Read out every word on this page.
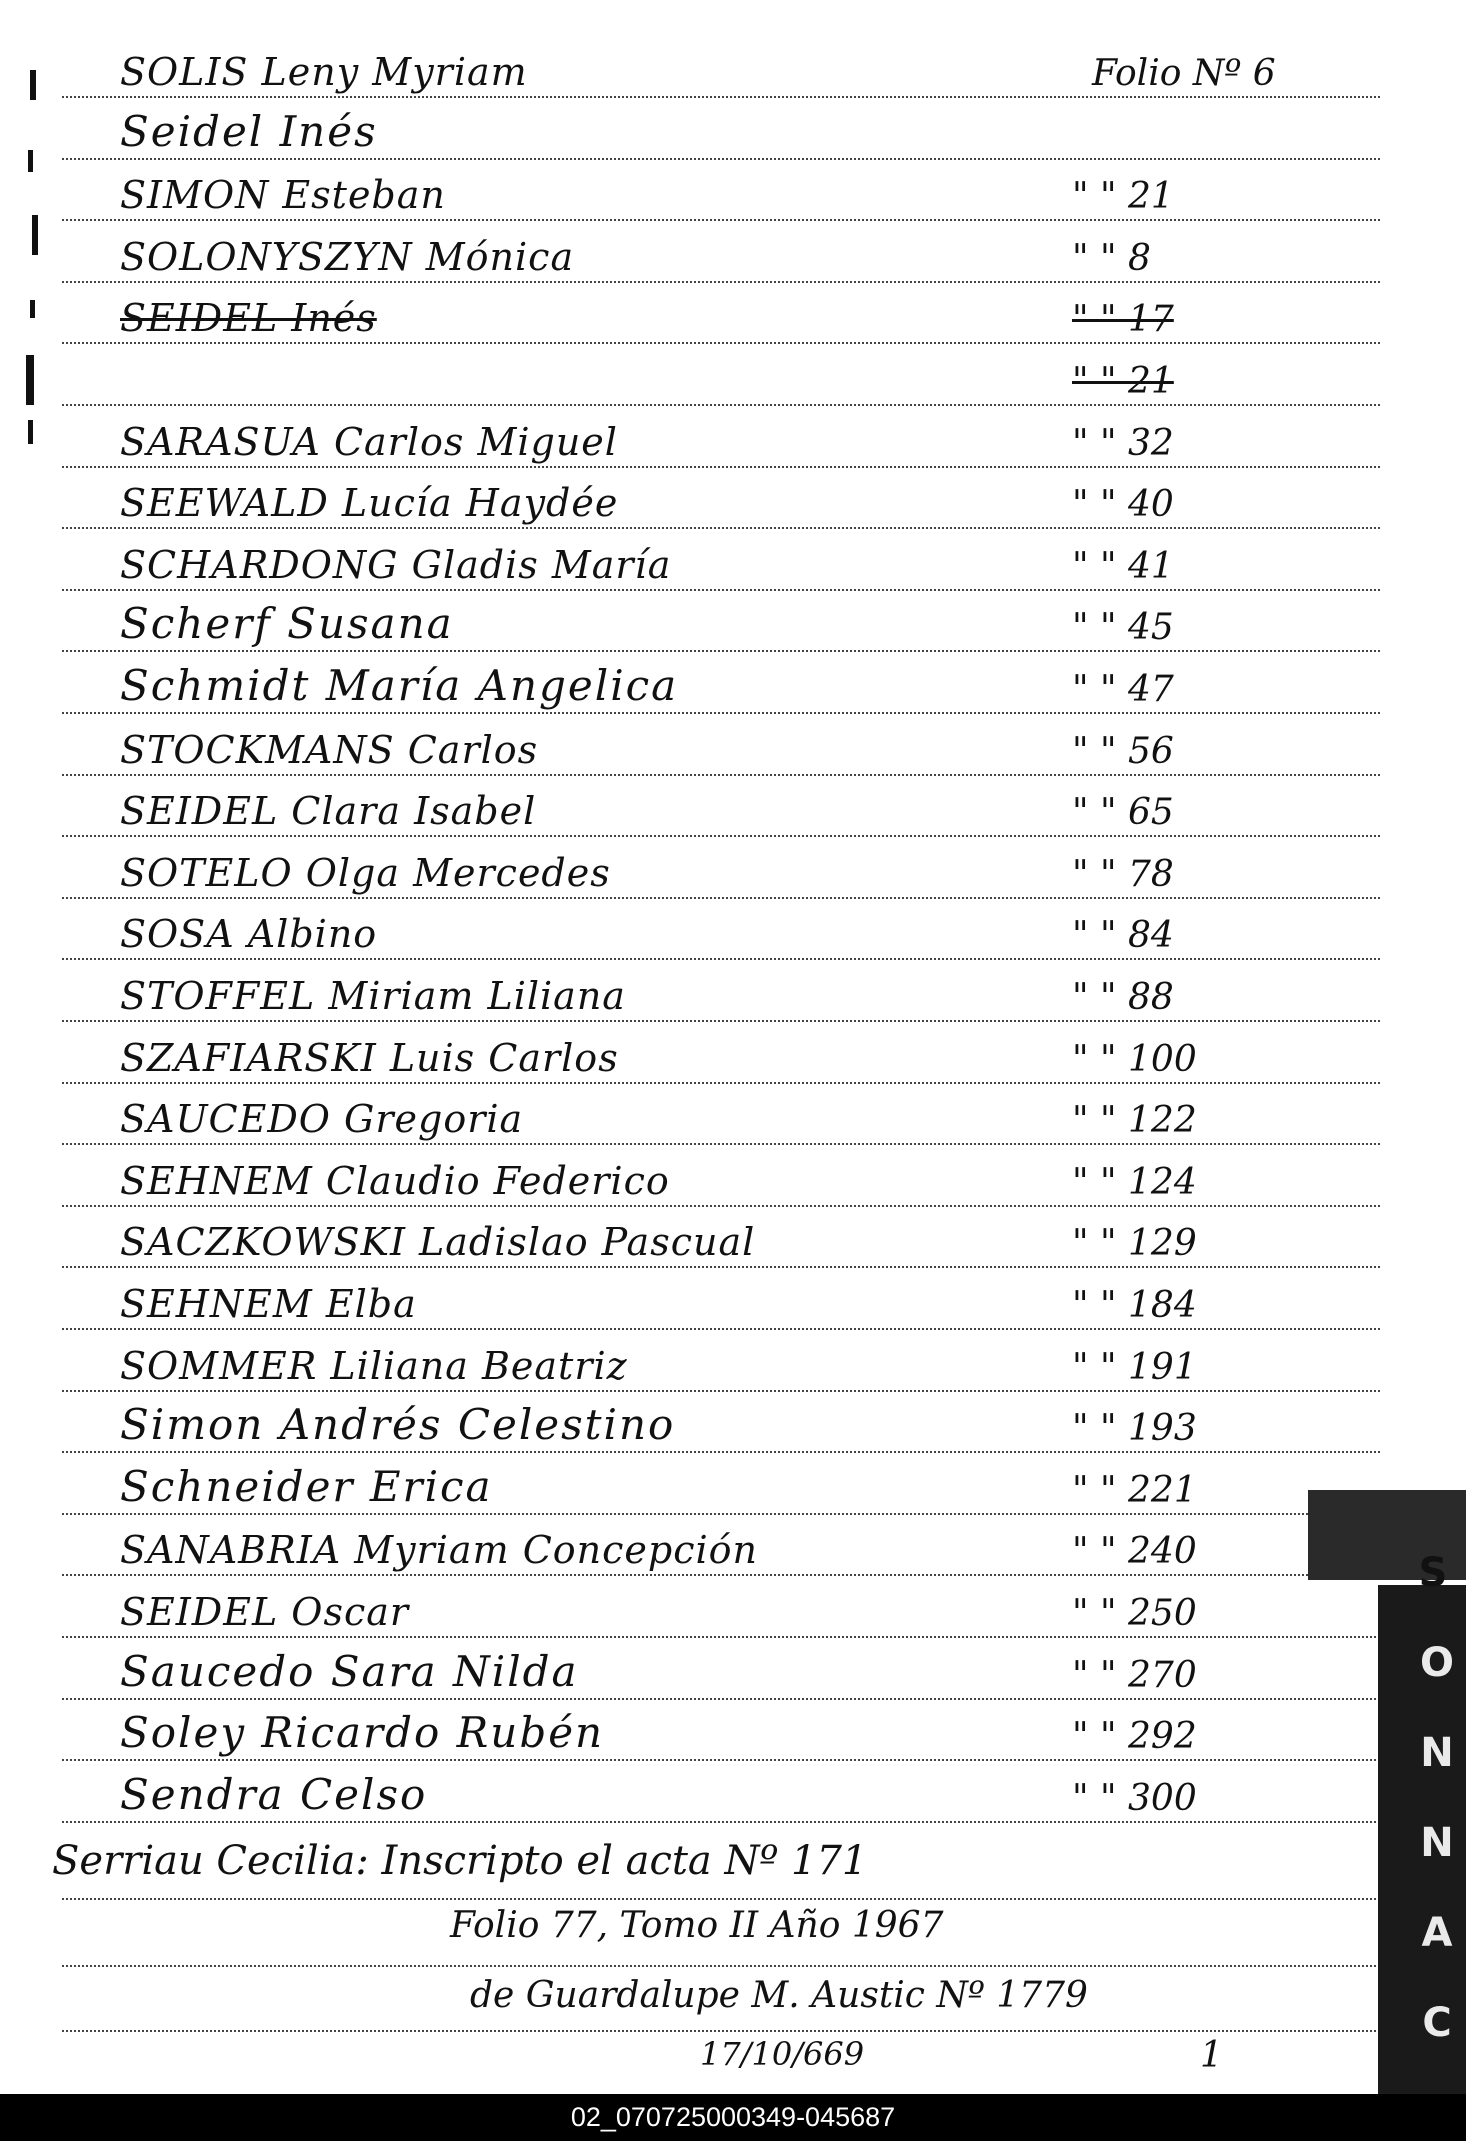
SOLIS Leny Myriam	Folio Nº 6
Seidel Inés
SIMON Esteban	" " 21
SOLONYSZYN Mónica	" " 8
SEIDEL Inés	" " 17
" " 21
SARASUA Carlos Miguel	" " 32
SEEWALD Lucía Haydée	" " 40
SCHARDONG Gladis María	" " 41
Scherf Susana	" " 45
Schmidt María Angelica	" " 47
STOCKMANS Carlos	" " 56
SEIDEL Clara Isabel	" " 65
SOTELO Olga Mercedes	" " 78
SOSA Albino	" " 84
STOFFEL Miriam Liliana	" " 88
SZAFIARSKI Luis Carlos	" " 100
SAUCEDO Gregoria	" " 122
SEHNEM Claudio Federico	" " 124
SACZKOWSKI Ladislao Pascual	" " 129
SEHNEM Elba	" " 184
SOMMER Liliana Beatriz	" " 191
Simon Andrés Celestino	" " 193
Schneider Erica	" " 221
SANABRIA Myriam Concepción	" " 240
SEIDEL Oscar	" " 250
Saucedo Sara Nilda	" " 270
Soley Ricardo Rubén	" " 292
Sendra Celso	" " 300
Serriau Cecilia: Inscripto el acta Nº 171
Folio 77, Tomo II Año 1967
de Guardalupe M. Austic Nº 1779
17/10/669	1
S
O
N
N
A
C
02_070725000349-045687
